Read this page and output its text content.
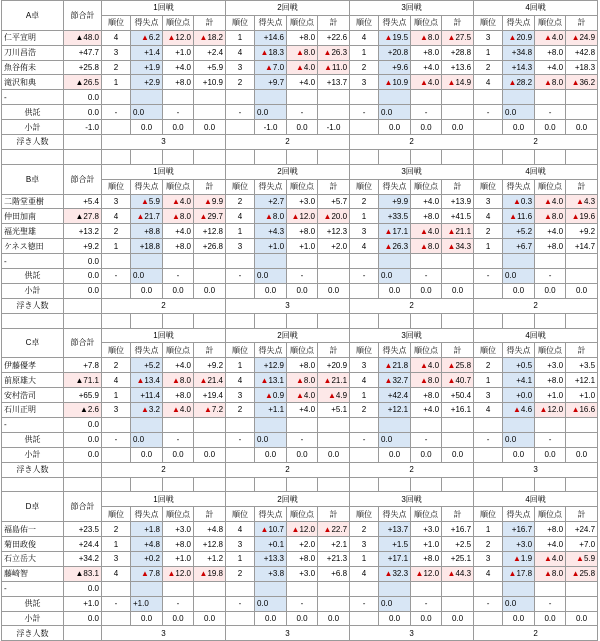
A卓	節合計	1回戦				2回戦				3回戦				4回戦			
		順位	得失点	順位点	計	順位	得失点	順位点	計	順位	得失点	順位点	計	順位	得失点	順位点	計
仁平宣明	▲48.0	4	▲6.2	▲12.0	▲18.2	1	+14.6	+8.0	+22.6	4	▲19.5	▲8.0	▲27.5	3	▲20.9	▲4.0	▲24.9
刀川昌浩	+47.7	3	+1.4	+1.0	+2.4	4	▲18.3	▲8.0	▲26.3	1	+20.8	+8.0	+28.8	1	+34.8	+8.0	+42.8
魚谷侑未	+25.8	2	+1.9	+4.0	+5.9	3	▲7.0	▲4.0	▲11.0	2	+9.6	+4.0	+13.6	2	+14.3	+4.0	+18.3
滝沢和典	▲26.5	1	+2.9	+8.0	+10.9	2	+9.7	+4.0	+13.7	3	▲10.9	▲4.0	▲14.9	4	▲28.2	▲8.0	▲36.2
-	0.0																
供託	0.0	-	0.0	-		-	0.0	-		-	0.0	-		-	0.0	-	
小計	-1.0		0.0	0.0	0.0		-1.0	0.0	-1.0		0.0	0.0	0.0		0.0	0.0	0.0
浮き人数		3				2				2				2			

B卓	節合計	1回戦				2回戦				3回戦				4回戦			
		順位	得失点	順位点	計	順位	得失点	順位点	計	順位	得失点	順位点	計	順位	得失点	順位点	計
二階堂亜樹	+5.4	3	▲5.9	▲4.0	▲9.9	2	+2.7	+3.0	+5.7	2	+9.9	+4.0	+13.9	3	▲0.3	▲4.0	▲4.3
仲田加南	▲27.8	4	▲21.7	▲8.0	▲29.7	4	▲8.0	▲12.0	▲20.0	1	+33.5	+8.0	+41.5	4	▲11.6	▲8.0	▲19.6
福光聖雄	+13.2	2	+8.8	+4.0	+12.8	1	+4.3	+8.0	+12.3	3	▲17.1	▲4.0	▲21.1	2	+5.2	+4.0	+9.2
ケネス徳田	+9.2	1	+18.8	+8.0	+26.8	3	+1.0	+1.0	+2.0	4	▲26.3	▲8.0	▲34.3	1	+6.7	+8.0	+14.7
-	0.0																
供託	0.0	-	0.0	-		-	0.0	-		-	0.0	-		-	0.0	-	
小計	0.0		0.0	0.0	0.0		0.0	0.0	0.0		0.0	0.0	0.0		0.0	0.0	0.0
浮き人数		2				3				2				2			

C卓	節合計	1回戦				2回戦				3回戦				4回戦			
		順位	得失点	順位点	計	順位	得失点	順位点	計	順位	得失点	順位点	計	順位	得失点	順位点	計
伊藤優孝	+7.8	2	+5.2	+4.0	+9.2	1	+12.9	+8.0	+20.9	3	▲21.8	▲4.0	▲25.8	2	+0.5	+3.0	+3.5
前原雄大	▲71.1	4	▲13.4	▲8.0	▲21.4	4	▲13.1	▲8.0	▲21.1	4	▲32.7	▲8.0	▲40.7	1	+4.1	+8.0	+12.1
安村浩司	+65.9	1	+11.4	+8.0	+19.4	3	▲0.9	▲4.0	▲4.9	1	+42.4	+8.0	+50.4	3	+0.0	+1.0	+1.0
石川正明	▲2.6	3	▲3.2	▲4.0	▲7.2	2	+1.1	+4.0	+5.1	2	+12.1	+4.0	+16.1	4	▲4.6	▲12.0	▲16.6
-	0.0																
供託	0.0	-	0.0	-		-	0.0	-		-	0.0	-		-	0.0	-	
小計	0.0		0.0	0.0	0.0		0.0	0.0	0.0		0.0	0.0	0.0		0.0	0.0	0.0
浮き人数		2				2				2				3			

D卓	節合計	1回戦				2回戦				3回戦				4回戦			
		順位	得失点	順位点	計	順位	得失点	順位点	計	順位	得失点	順位点	計	順位	得失点	順位点	計
福島佑一	+23.5	2	+1.8	+3.0	+4.8	4	▲10.7	▲12.0	▲22.7	2	+13.7	+3.0	+16.7	1	+16.7	+8.0	+24.7
菊田政俊	+24.4	1	+4.8	+8.0	+12.8	3	+0.1	+2.0	+2.1	3	+1.5	+1.0	+2.5	2	+3.0	+4.0	+7.0
石立岳大	+34.2	3	+0.2	+1.0	+1.2	1	+13.3	+8.0	+21.3	1	+17.1	+8.0	+25.1	3	▲1.9	▲4.0	▲5.9
藤崎智	▲83.1	4	▲7.8	▲12.0	▲19.8	2	+3.8	+3.0	+6.8	4	▲32.3	▲12.0	▲44.3	4	▲17.8	▲8.0	▲25.8
-	0.0																
供託	+1.0	-	+1.0	-		-	0.0	-		-	0.0	-		-	0.0	-	
小計	0.0		0.0	0.0	0.0		0.0	0.0	0.0		0.0	0.0	0.0		0.0	0.0	0.0
浮き人数		3				3				3				2			
